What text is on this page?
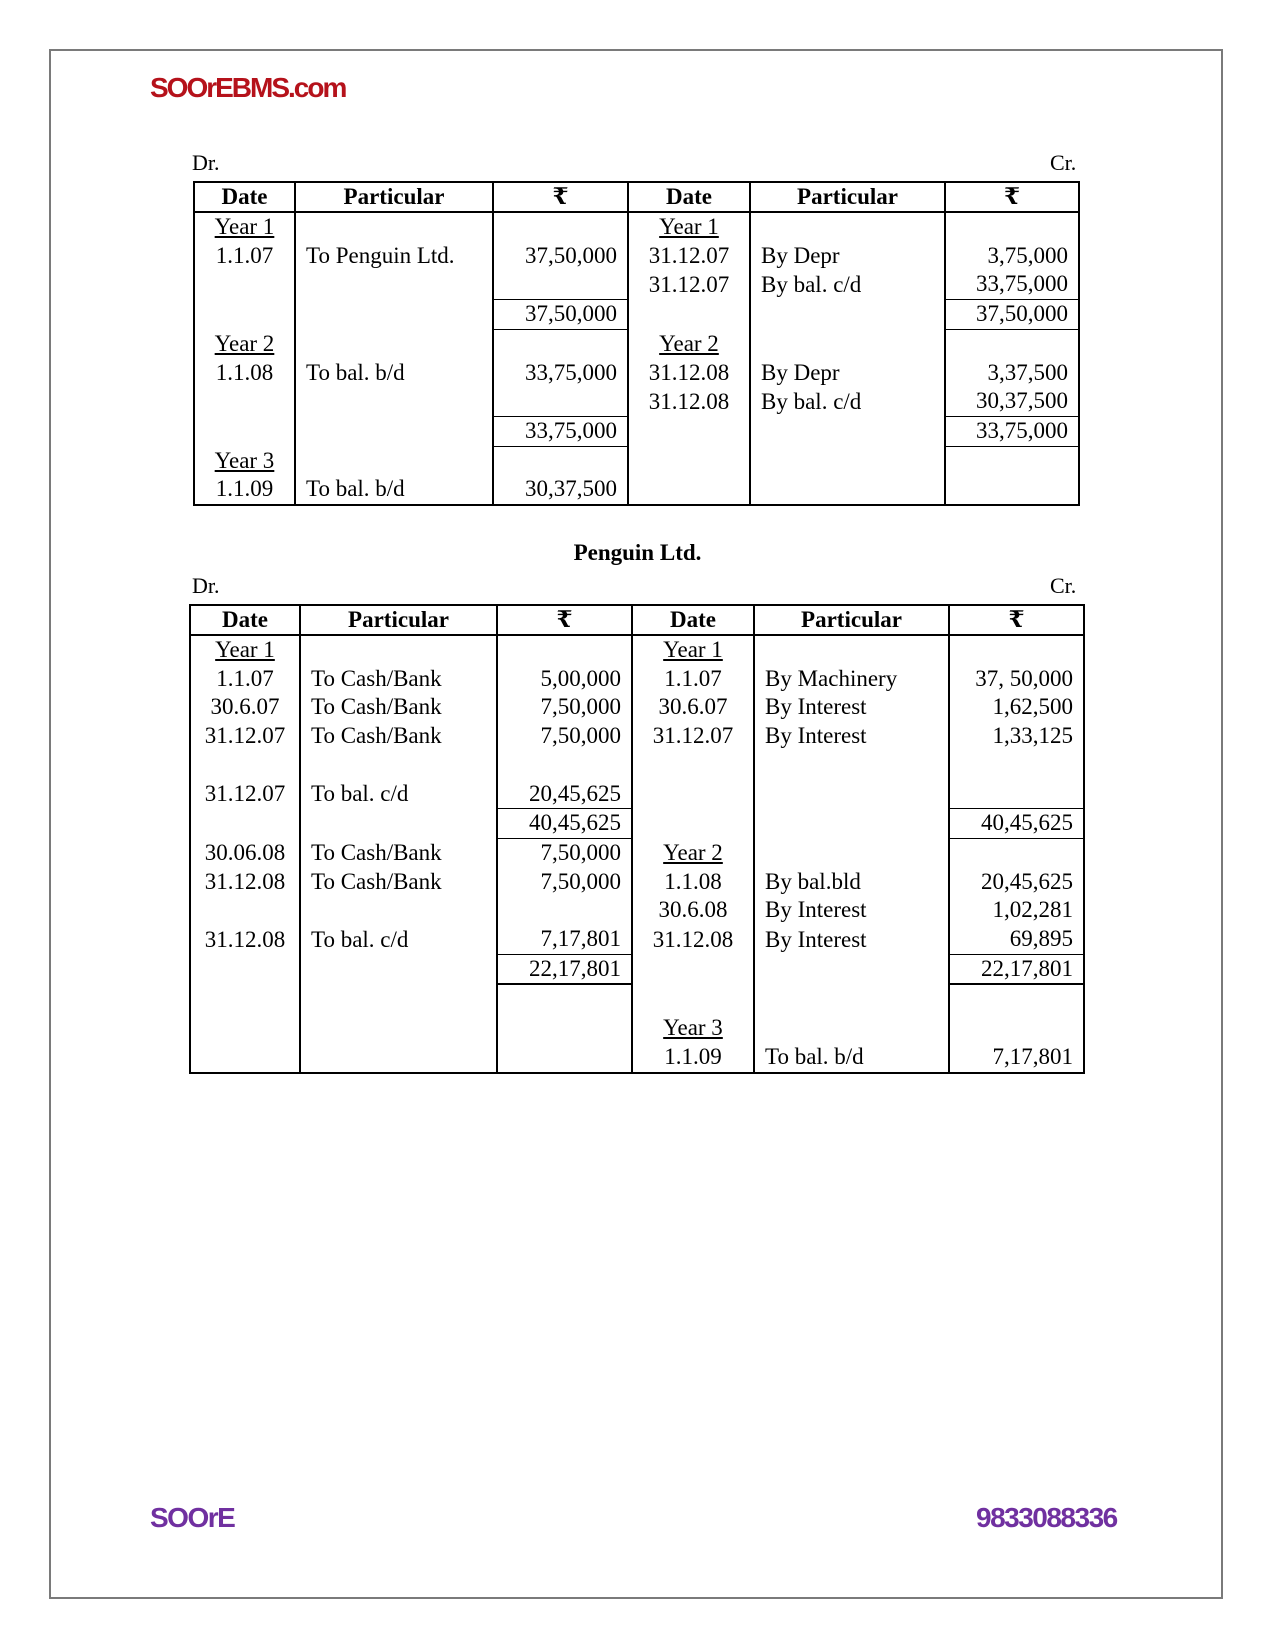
SOOrEBMS.com
Dr.	Cr.
Date	Particular	₹	Date	Particular	₹
Year 1			Year 1		
1.1.07	To Penguin Ltd.	37,50,000	31.12.07	By Depr	3,75,000
			31.12.07	By bal. c/d	33,75,000
		37,50,000			37,50,000
Year 2			Year 2		
1.1.08	To bal. b/d	33,75,000	31.12.08	By Depr	3,37,500
			31.12.08	By bal. c/d	30,37,500
		33,75,000			33,75,000
Year 3					
1.1.09	To bal. b/d	30,37,500			
Penguin Ltd.
Dr.	Cr.
Date	Particular	₹	Date	Particular	₹
Year 1			Year 1		
1.1.07	To Cash/Bank	5,00,000	1.1.07	By Machinery	37, 50,000
30.6.07	To Cash/Bank	7,50,000	30.6.07	By Interest	1,62,500
31.12.07	To Cash/Bank	7,50,000	31.12.07	By Interest	1,33,125

31.12.07	To bal. c/d	20,45,625			
		40,45,625			40,45,625
30.06.08	To Cash/Bank	7,50,000	Year 2		
31.12.08	To Cash/Bank	7,50,000	1.1.08	By bal.bld	20,45,625
			30.6.08	By Interest	1,02,281
31.12.08	To bal. c/d	7,17,801	31.12.08	By Interest	69,895
		22,17,801			22,17,801

			Year 3		
			1.1.09	To bal. b/d	7,17,801
SOOrE	9833088336
